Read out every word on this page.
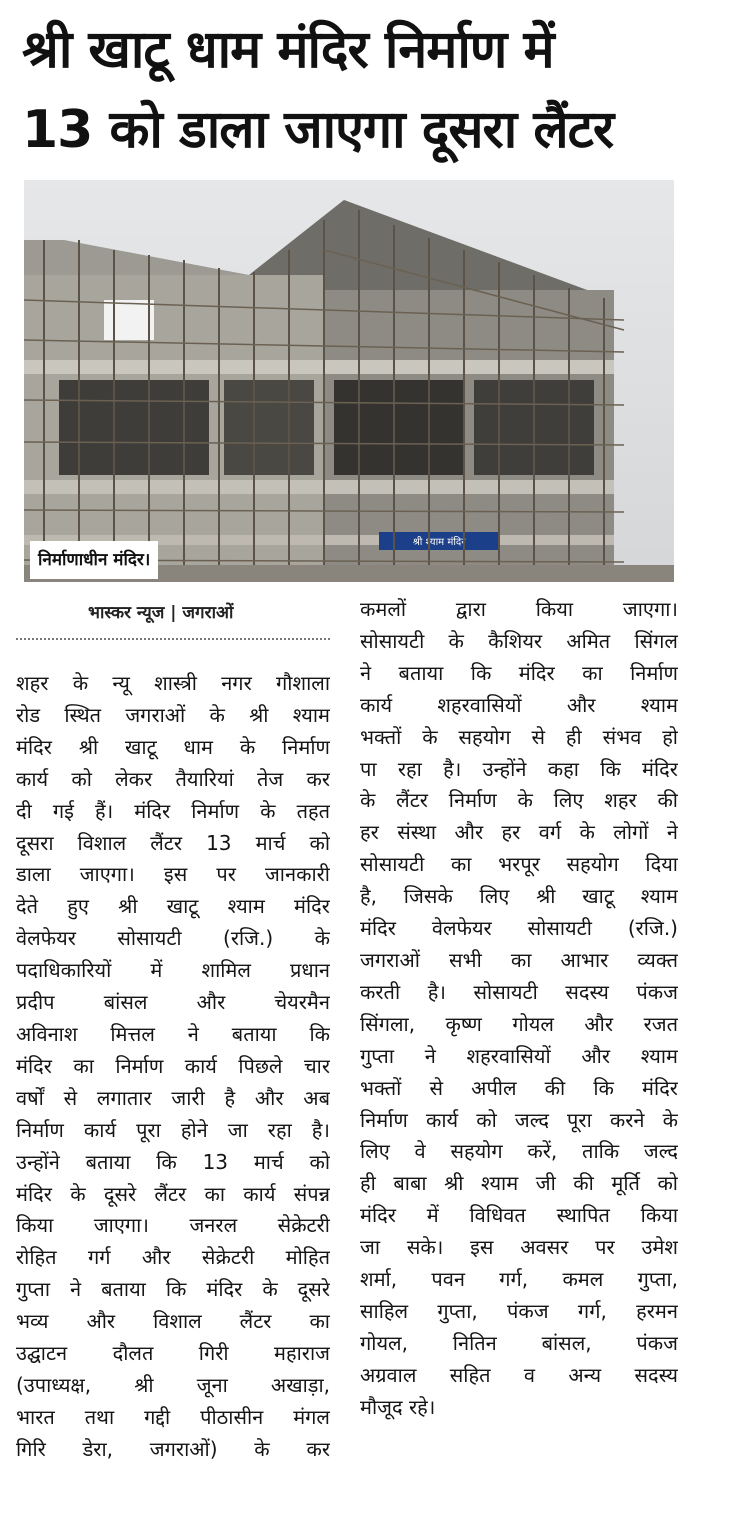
श्री खाटू धाम मंदिर निर्माण में
13 को डाला जाएगा दूसरा लैंटर
श्री श्याम मंदिर
निर्माणाधीन मंदिर।
भास्कर न्यूज | जगराओं
शहर के न्यू शास्त्री नगर गौशाला
रोड स्थित जगराओं के श्री श्याम
मंदिर श्री खाटू धाम के निर्माण
कार्य को लेकर तैयारियां तेज कर
दी गई हैं। मंदिर निर्माण के तहत
दूसरा विशाल लैंटर 13 मार्च को
डाला जाएगा। इस पर जानकारी
देते हुए श्री खाटू श्याम मंदिर
वेलफेयर सोसायटी (रजि.) के
पदाधिकारियों में शामिल प्रधान
प्रदीप बांसल और चेयरमैन
अविनाश मित्तल ने बताया कि
मंदिर का निर्माण कार्य पिछले चार
वर्षों से लगातार जारी है और अब
निर्माण कार्य पूरा होने जा रहा है।
उन्होंने बताया कि 13 मार्च को
मंदिर के दूसरे लैंटर का कार्य संपन्न
किया जाएगा। जनरल सेक्रेटरी
रोहित गर्ग और सेक्रेटरी मोहित
गुप्ता ने बताया कि मंदिर के दूसरे
भव्य और विशाल लैंटर का
उद्घाटन दौलत गिरी महाराज
(उपाध्यक्ष, श्री जूना अखाड़ा,
भारत तथा गद्दी पीठासीन मंगल
गिरि डेरा, जगराओं) के कर
कमलों द्वारा किया जाएगा।
सोसायटी के कैशियर अमित सिंगल
ने बताया कि मंदिर का निर्माण
कार्य शहरवासियों और श्याम
भक्तों के सहयोग से ही संभव हो
पा रहा है। उन्होंने कहा कि मंदिर
के लैंटर निर्माण के लिए शहर की
हर संस्था और हर वर्ग के लोगों ने
सोसायटी का भरपूर सहयोग दिया
है, जिसके लिए श्री खाटू श्याम
मंदिर वेलफेयर सोसायटी (रजि.)
जगराओं सभी का आभार व्यक्त
करती है। सोसायटी सदस्य पंकज
सिंगला, कृष्ण गोयल और रजत
गुप्ता ने शहरवासियों और श्याम
भक्तों से अपील की कि मंदिर
निर्माण कार्य को जल्द पूरा करने के
लिए वे सहयोग करें, ताकि जल्द
ही बाबा श्री श्याम जी की मूर्ति को
मंदिर में विधिवत स्थापित किया
जा सके। इस अवसर पर उमेश
शर्मा, पवन गर्ग, कमल गुप्ता,
साहिल गुप्ता, पंकज गर्ग, हरमन
गोयल, नितिन बांसल, पंकज
अग्रवाल सहित व अन्य सदस्य
मौजूद रहे।
